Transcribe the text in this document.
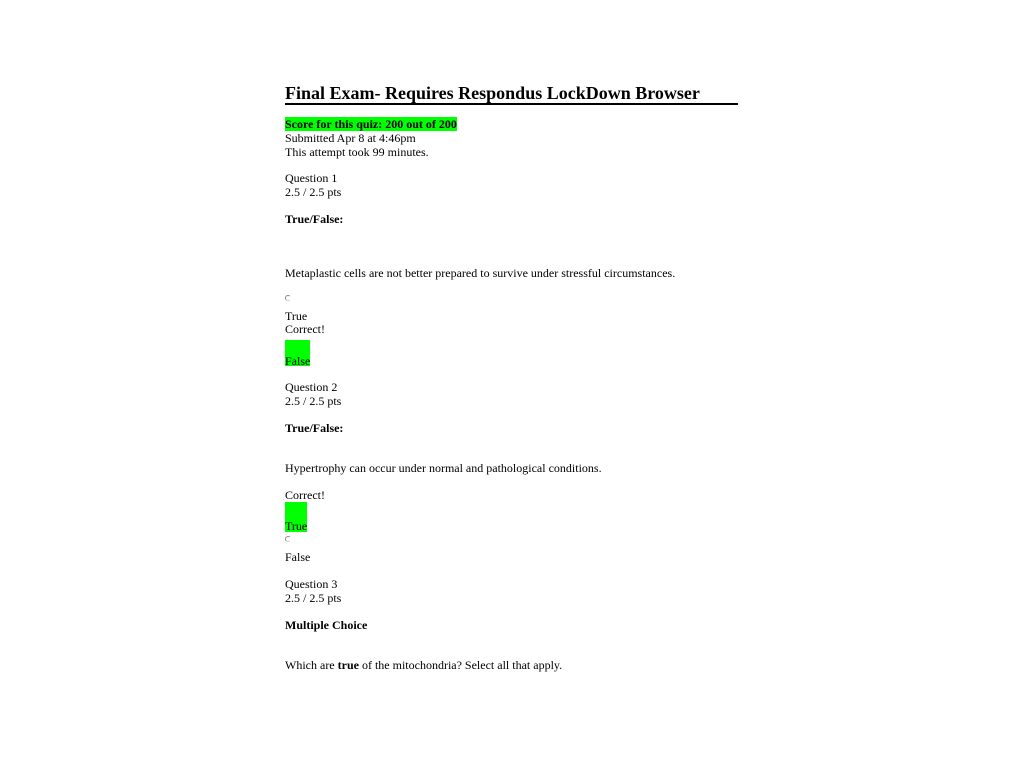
Final Exam- Requires Respondus LockDown Browser
Score for this quiz: 200 out of 200
Submitted Apr 8 at 4:46pm
This attempt took 99 minutes.
Question 1
2.5 / 2.5 pts
True/False:
Metaplastic cells are not better prepared to survive under stressful circumstances.
True
Correct!
False
Question 2
2.5 / 2.5 pts
True/False:
Hypertrophy can occur under normal and pathological conditions.
Correct!
True
False
Question 3
2.5 / 2.5 pts
Multiple Choice
Which are true of the mitochondria? Select all that apply.
